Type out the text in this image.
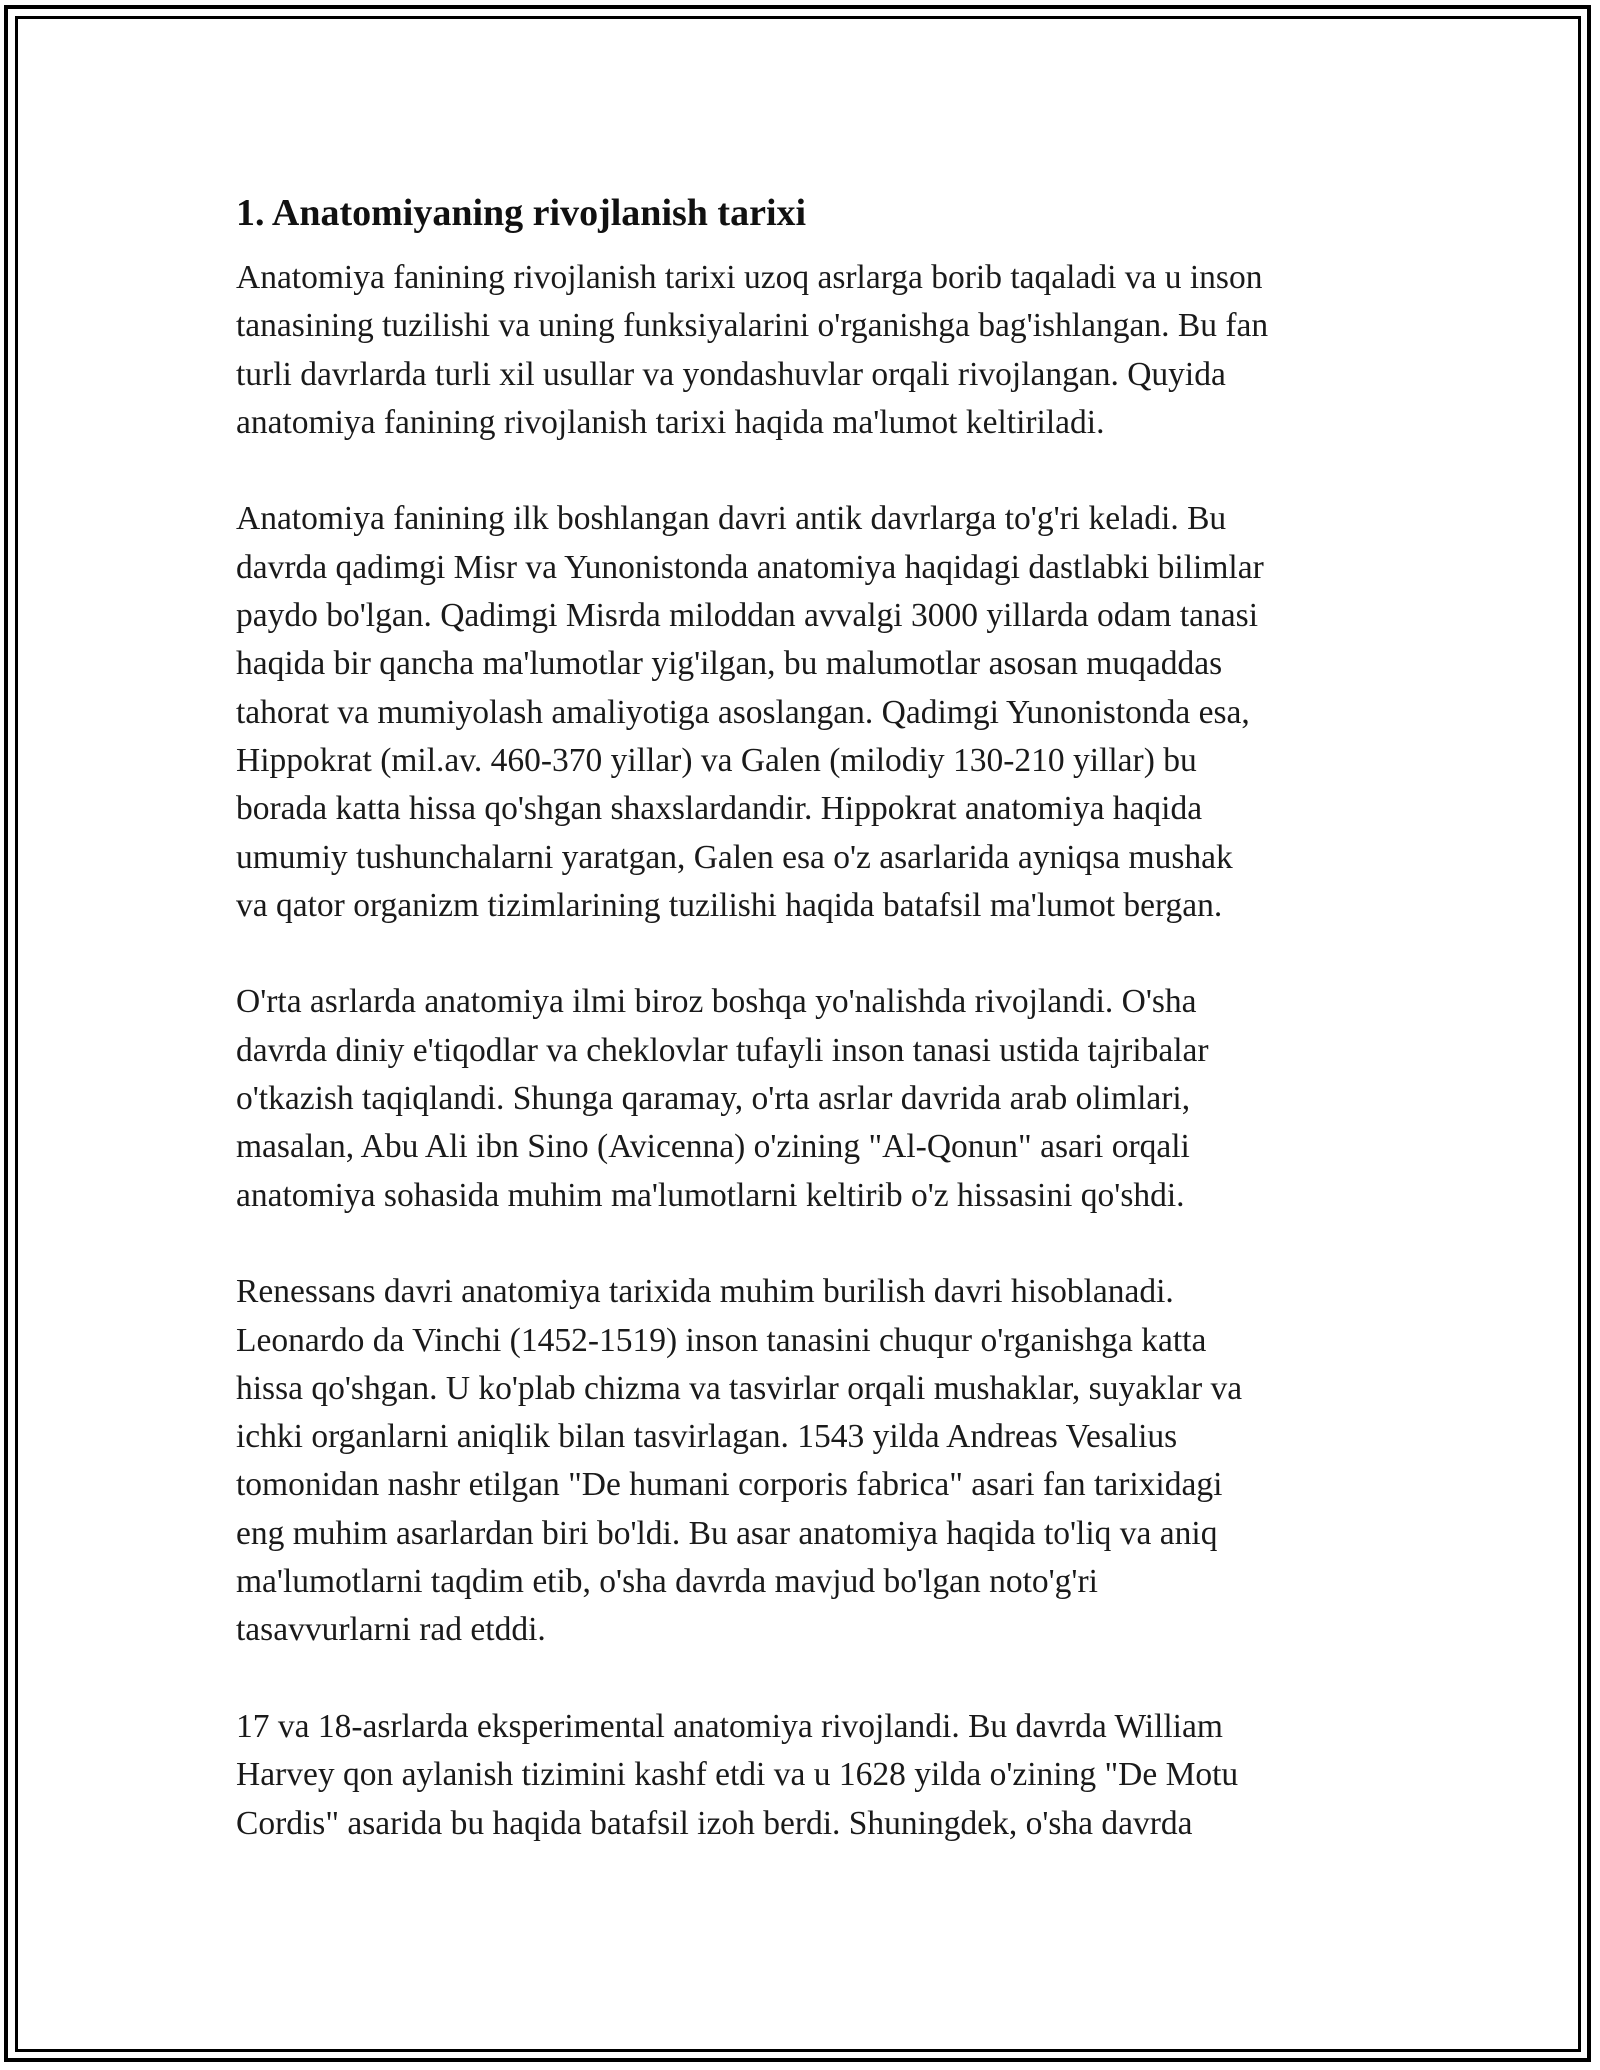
1. Anatomiyaning rivojlanish tarixi

Anatomiya fanining rivojlanish tarixi uzoq asrlarga borib taqaladi va u inson
tanasining tuzilishi va uning funksiyalarini o'rganishga bag'ishlangan. Bu fan
turli davrlarda turli xil usullar va yondashuvlar orqali rivojlangan. Quyida
anatomiya fanining rivojlanish tarixi haqida ma'lumot keltiriladi.

Anatomiya fanining ilk boshlangan davri antik davrlarga to'g'ri keladi. Bu
davrda qadimgi Misr va Yunonistonda anatomiya haqidagi dastlabki bilimlar
paydo bo'lgan. Qadimgi Misrda miloddan avvalgi 3000 yillarda odam tanasi
haqida bir qancha ma'lumotlar yig'ilgan, bu malumotlar asosan muqaddas
tahorat va mumiyolash amaliyotiga asoslangan. Qadimgi Yunonistonda esa,
Hippokrat (mil.av. 460-370 yillar) va Galen (milodiy 130-210 yillar) bu
borada katta hissa qo'shgan shaxslardandir. Hippokrat anatomiya haqida
umumiy tushunchalarni yaratgan, Galen esa o'z asarlarida ayniqsa mushak
va qator organizm tizimlarining tuzilishi haqida batafsil ma'lumot bergan.

O'rta asrlarda anatomiya ilmi biroz boshqa yo'nalishda rivojlandi. O'sha
davrda diniy e'tiqodlar va cheklovlar tufayli inson tanasi ustida tajribalar
o'tkazish taqiqlandi. Shunga qaramay, o'rta asrlar davrida arab olimlari,
masalan, Abu Ali ibn Sino (Avicenna) o'zining "Al-Qonun" asari orqali
anatomiya sohasida muhim ma'lumotlarni keltirib o'z hissasini qo'shdi.

Renessans davri anatomiya tarixida muhim burilish davri hisoblanadi.
Leonardo da Vinchi (1452-1519) inson tanasini chuqur o'rganishga katta
hissa qo'shgan. U ko'plab chizma va tasvirlar orqali mushaklar, suyaklar va
ichki organlarni aniqlik bilan tasvirlagan. 1543 yilda Andreas Vesalius
tomonidan nashr etilgan "De humani corporis fabrica" asari fan tarixidagi
eng muhim asarlardan biri bo'ldi. Bu asar anatomiya haqida to'liq va aniq
ma'lumotlarni taqdim etib, o'sha davrda mavjud bo'lgan noto'g'ri
tasavvurlarni rad etddi.

17 va 18-asrlarda eksperimental anatomiya rivojlandi. Bu davrda William
Harvey qon aylanish tizimini kashf etdi va u 1628 yilda o'zining "De Motu
Cordis" asarida bu haqida batafsil izoh berdi. Shuningdek, o'sha davrda
